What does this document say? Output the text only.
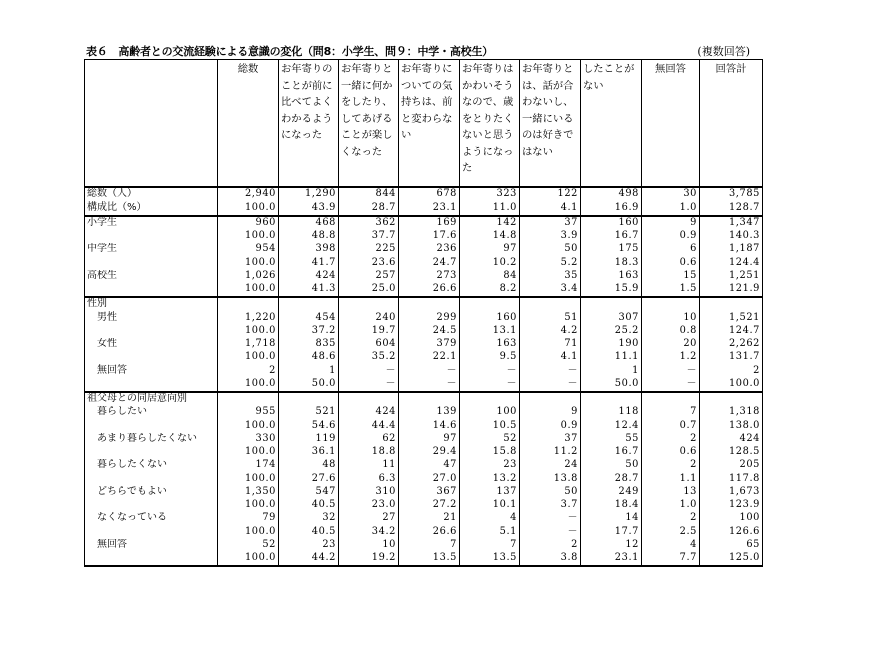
表６　高齢者との交流経験による意識の変化（問8：小学生、問９：中学・高校生）	(複数回答)

	総数	お年寄りのことが前に比べてよくわかるようになった	お年寄りと一緒に何かをしたり、してあげることが楽しくなった	お年寄りについての気持ちは、前と変わらない	お年寄りはかわいそうなので、歳をとりたくないと思うようになった	お年寄りとは、話が合わないし、一緒にいるのは好きではない	したことがない	無回答	回答計

総数（人）	2,940	1,290	844	678	323	122	498	30	3,785
構成比（%）	100.0	43.9	28.7	23.1	11.0	4.1	16.9	1.0	128.7
小学生	960	468	362	169	142	37	160	9	1,347
	100.0	48.8	37.7	17.6	14.8	3.9	16.7	0.9	140.3
中学生	954	398	225	236	97	50	175	6	1,187
	100.0	41.7	23.6	24.7	10.2	5.2	18.3	0.6	124.4
高校生	1,026	424	257	273	84	35	163	15	1,251
	100.0	41.3	25.0	26.6	8.2	3.4	15.9	1.5	121.9
性別									
男性	1,220	454	240	299	160	51	307	10	1,521
	100.0	37.2	19.7	24.5	13.1	4.2	25.2	0.8	124.7
女性	1,718	835	604	379	163	71	190	20	2,262
	100.0	48.6	35.2	22.1	9.5	4.1	11.1	1.2	131.7
無回答	2	1	－	－	－	－	1	－	2
	100.0	50.0	－	－	－	－	50.0	－	100.0
祖父母との同居意向別									
暮らしたい	955	521	424	139	100	9	118	7	1,318
	100.0	54.6	44.4	14.6	10.5	0.9	12.4	0.7	138.0
あまり暮らしたくない	330	119	62	97	52	37	55	2	424
	100.0	36.1	18.8	29.4	15.8	11.2	16.7	0.6	128.5
暮らしたくない	174	48	11	47	23	24	50	2	205
	100.0	27.6	6.3	27.0	13.2	13.8	28.7	1.1	117.8
どちらでもよい	1,350	547	310	367	137	50	249	13	1,673
	100.0	40.5	23.0	27.2	10.1	3.7	18.4	1.0	123.9
なくなっている	79	32	27	21	4	－	14	2	100
	100.0	40.5	34.2	26.6	5.1	－	17.7	2.5	126.6
無回答	52	23	10	7	7	2	12	4	65
	100.0	44.2	19.2	13.5	13.5	3.8	23.1	7.7	125.0
